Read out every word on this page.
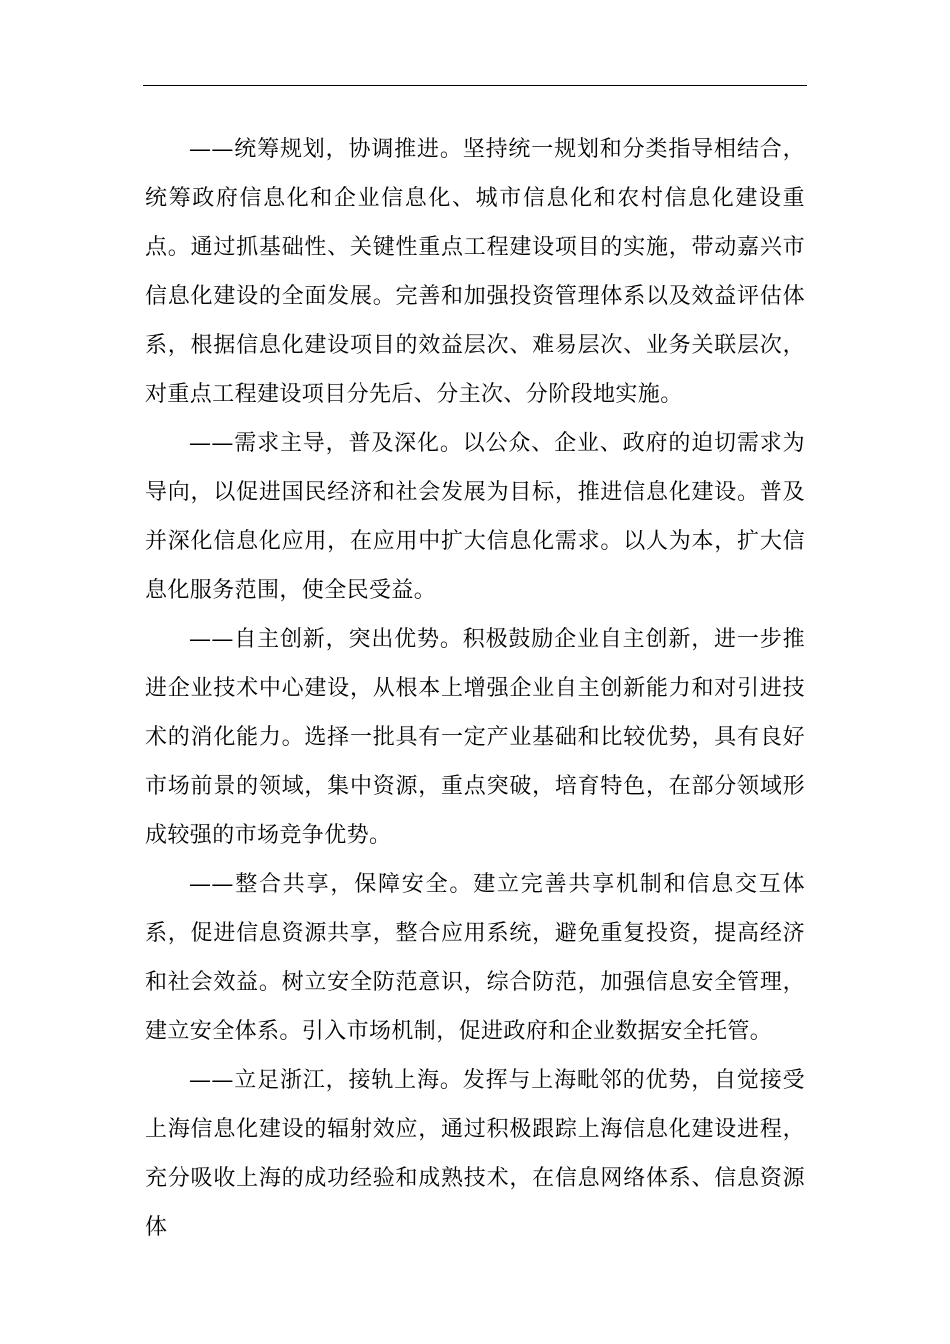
——统筹规划，协调推进。坚持统一规划和分类指导相结合，统筹政府信息化和企业信息化、城市信息化和农村信息化建设重点。通过抓基础性、关键性重点工程建设项目的实施，带动嘉兴市信息化建设的全面发展。完善和加强投资管理体系以及效益评估体系，根据信息化建设项目的效益层次、难易层次、业务关联层次，对重点工程建设项目分先后、分主次、分阶段地实施。

——需求主导，普及深化。以公众、企业、政府的迫切需求为导向，以促进国民经济和社会发展为目标，推进信息化建设。普及并深化信息化应用，在应用中扩大信息化需求。以人为本，扩大信息化服务范围，使全民受益。

——自主创新，突出优势。积极鼓励企业自主创新，进一步推进企业技术中心建设，从根本上增强企业自主创新能力和对引进技术的消化能力。选择一批具有一定产业基础和比较优势，具有良好市场前景的领域，集中资源，重点突破，培育特色，在部分领域形成较强的市场竞争优势。

——整合共享，保障安全。建立完善共享机制和信息交互体系，促进信息资源共享，整合应用系统，避免重复投资，提高经济和社会效益。树立安全防范意识，综合防范，加强信息安全管理，建立安全体系。引入市场机制，促进政府和企业数据安全托管。

——立足浙江，接轨上海。发挥与上海毗邻的优势，自觉接受上海信息化建设的辐射效应，通过积极跟踪上海信息化建设进程，充分吸收上海的成功经验和成熟技术，在信息网络体系、信息资源体
